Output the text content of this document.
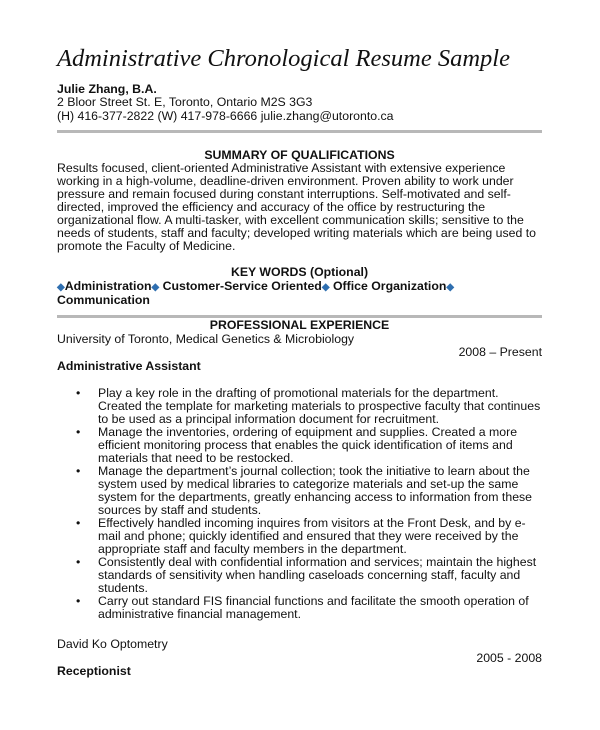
Administrative Chronological Resume Sample
Julie Zhang, B.A.
2 Bloor Street St. E, Toronto, Ontario M2S 3G3
(H) 416-377-2822 (W) 417-978-6666 julie.zhang@utoronto.ca
SUMMARY OF QUALIFICATIONS
Results focused, client-oriented Administrative Assistant with extensive experience
working in a high-volume, deadline-driven environment. Proven ability to work under
pressure and remain focused during constant interruptions. Self-motivated and self-
directed, improved the efficiency and accuracy of the office by restructuring the
organizational flow. A multi-tasker, with excellent communication skills; sensitive to the
needs of students, staff and faculty; developed writing materials which are being used to
promote the Faculty of Medicine.
KEY WORDS (Optional)
◆Administration◆ Customer-Service Oriented◆ Office Organization◆
Communication
PROFESSIONAL EXPERIENCE
University of Toronto, Medical Genetics & Microbiology
2008 – Present
Administrative Assistant
•	Play a key role in the drafting of promotional materials for the department.
Created the template for marketing materials to prospective faculty that continues
to be used as a principal information document for recruitment.
•	Manage the inventories, ordering of equipment and supplies. Created a more
efficient monitoring process that enables the quick identification of items and
materials that need to be restocked.
•	Manage the department’s journal collection; took the initiative to learn about the
system used by medical libraries to categorize materials and set-up the same
system for the departments, greatly enhancing access to information from these
sources by staff and students.
•	Effectively handled incoming inquires from visitors at the Front Desk, and by e-
mail and phone; quickly identified and ensured that they were received by the
appropriate staff and faculty members in the department.
•	Consistently deal with confidential information and services; maintain the highest
standards of sensitivity when handling caseloads concerning staff, faculty and
students.
•	Carry out standard FIS financial functions and facilitate the smooth operation of
administrative financial management.
David Ko Optometry
2005 - 2008
Receptionist
